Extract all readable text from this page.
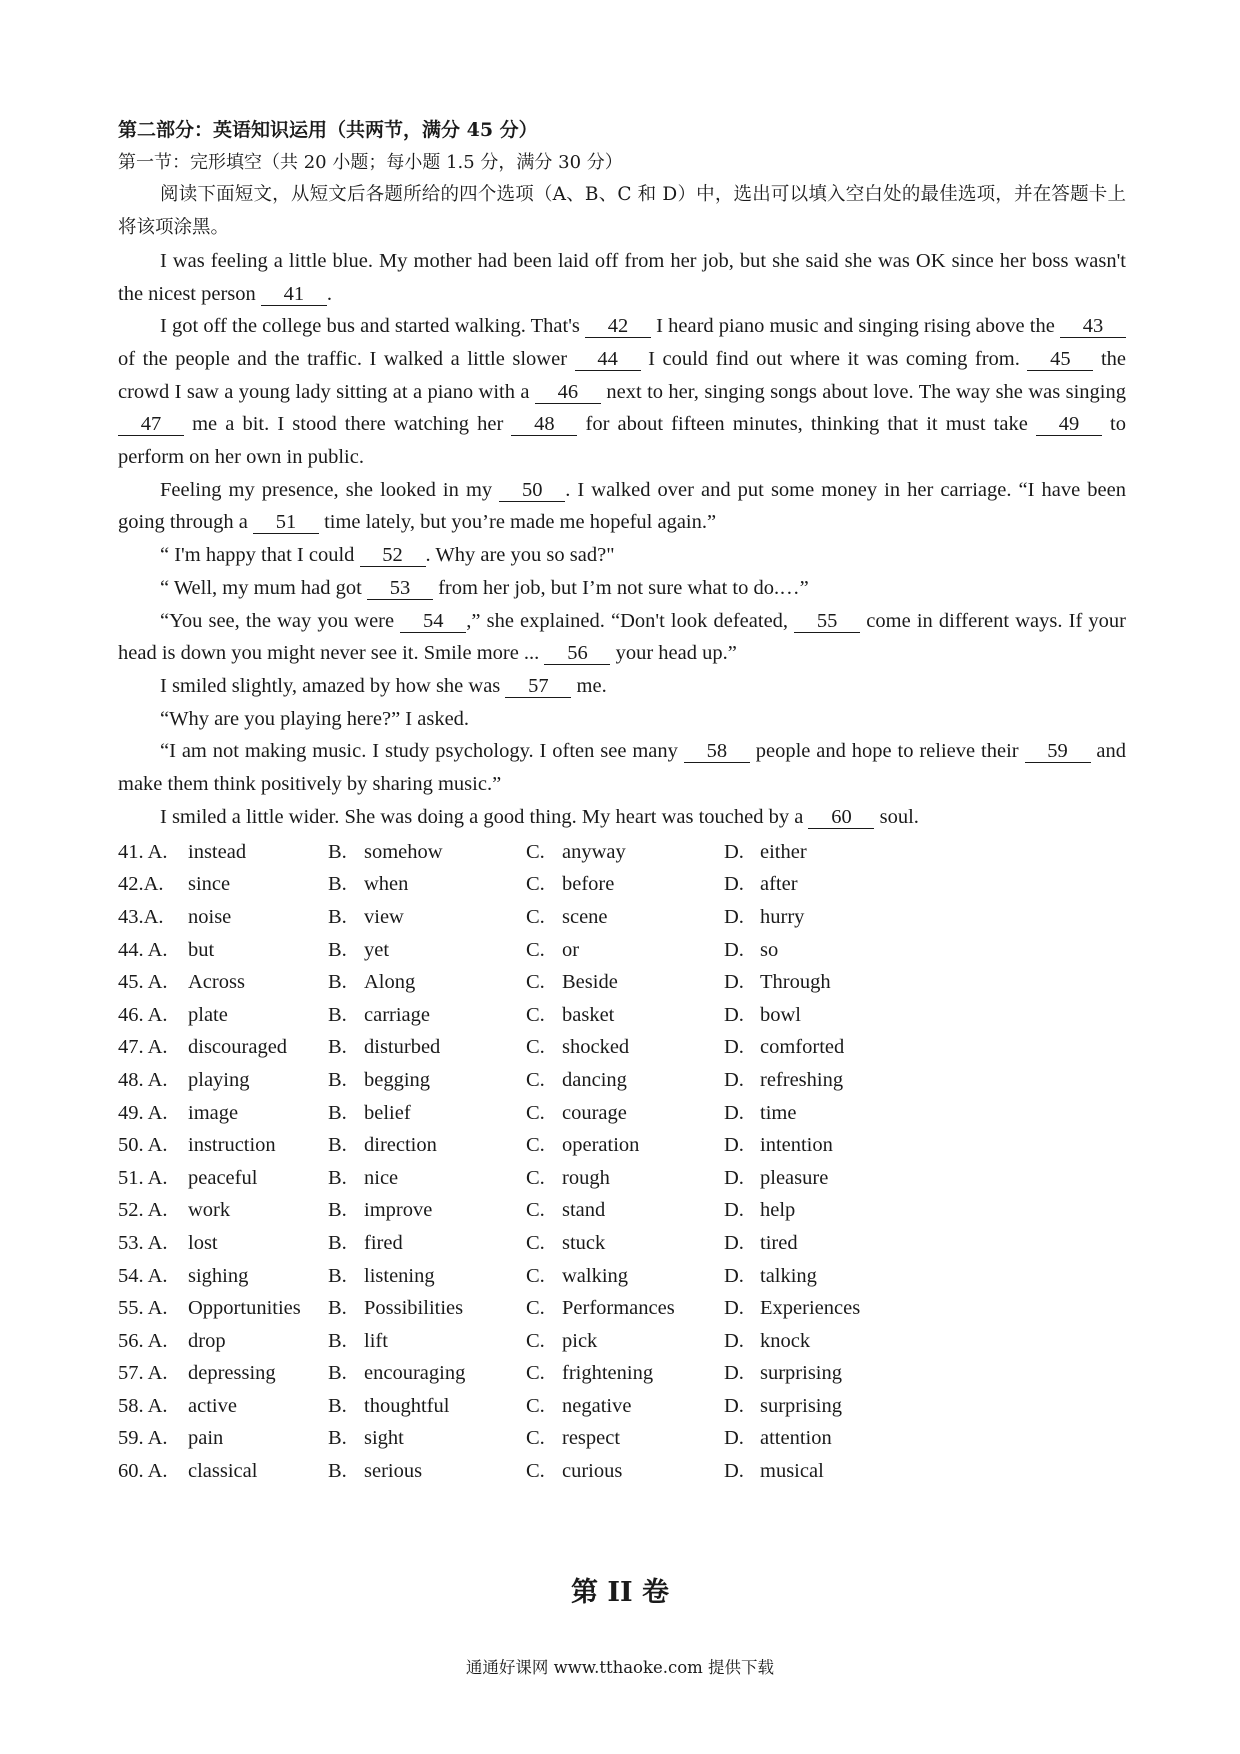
第二部分：英语知识运用（共两节，满分 45 分）
第一节：完形填空（共 20 小题；每小题 1.5 分，满分 30 分）
阅读下面短文，从短文后各题所给的四个选项（A、B、C 和 D）中，选出可以填入空白处的最佳选项，并在答题卡上将该项涂黑。
I was feeling a little blue. My mother had been laid off from her job, but she said she was OK since her boss wasn't the nicest person 41 .
I got off the college bus and started walking. That's 42 I heard piano music and singing rising above the 43 of the people and the traffic. I walked a little slower 44 I could find out where it was coming from. 45 the crowd I saw a young lady sitting at a piano with a 46 next to her, singing songs about love. The way she was singing 47 me a bit. I stood there watching her 48 for about fifteen minutes, thinking that it must take 49 to perform on her own in public.
Feeling my presence, she looked in my 50 . I walked over and put some money in her carriage. “I have been going through a 51 time lately, but you’re made me hopeful again.”
“ I'm happy that I could 52 . Why are you so sad?"
“ Well, my mum had got 53 from her job, but I’m not sure what to do.…”
“You see, the way you were 54 ,” she explained. “Don't look defeated, 55 come in different ways. If your head is down you might never see it. Smile more ... 56 your head up.”
I smiled slightly, amazed by how she was 57 me.
“Why are you playing here?” I asked.
“I am not making music. I study psychology. I often see many 58 people and hope to relieve their 59 and make them think positively by sharing music.”
I smiled a little wider. She was doing a good thing. My heart was touched by a 60 soul.
41. A. instead	B. somehow	C. anyway	D. either
42.A. since	B. when	C. before	D. after
43.A. noise	B. view	C. scene	D. hurry
44. A. but	B. yet	C. or	D. so
45. A. Across	B. Along	C. Beside	D. Through
46. A. plate	B. carriage	C. basket	D. bowl
47. A. discouraged	B. disturbed	C. shocked	D. comforted
48. A. playing	B. begging	C. dancing	D. refreshing
49. A. image	B. belief	C. courage	D. time
50. A. instruction	B. direction	C. operation	D. intention
51. A. peaceful	B. nice	C. rough	D. pleasure
52. A. work	B. improve	C. stand	D. help
53. A. lost	B. fired	C. stuck	D. tired
54. A. sighing	B. listening	C. walking	D. talking
55. A. Opportunities	B. Possibilities	C. Performances	D. Experiences
56. A. drop	B. lift	C. pick	D. knock
57. A. depressing	B. encouraging	C. frightening	D. surprising
58. A. active	B. thoughtful	C. negative	D. surprising
59. A. pain	B. sight	C. respect	D. attention
60. A. classical	B. serious	C. curious	D. musical
第 II 卷
通通好课网 www.tthaoke.com 提供下载
